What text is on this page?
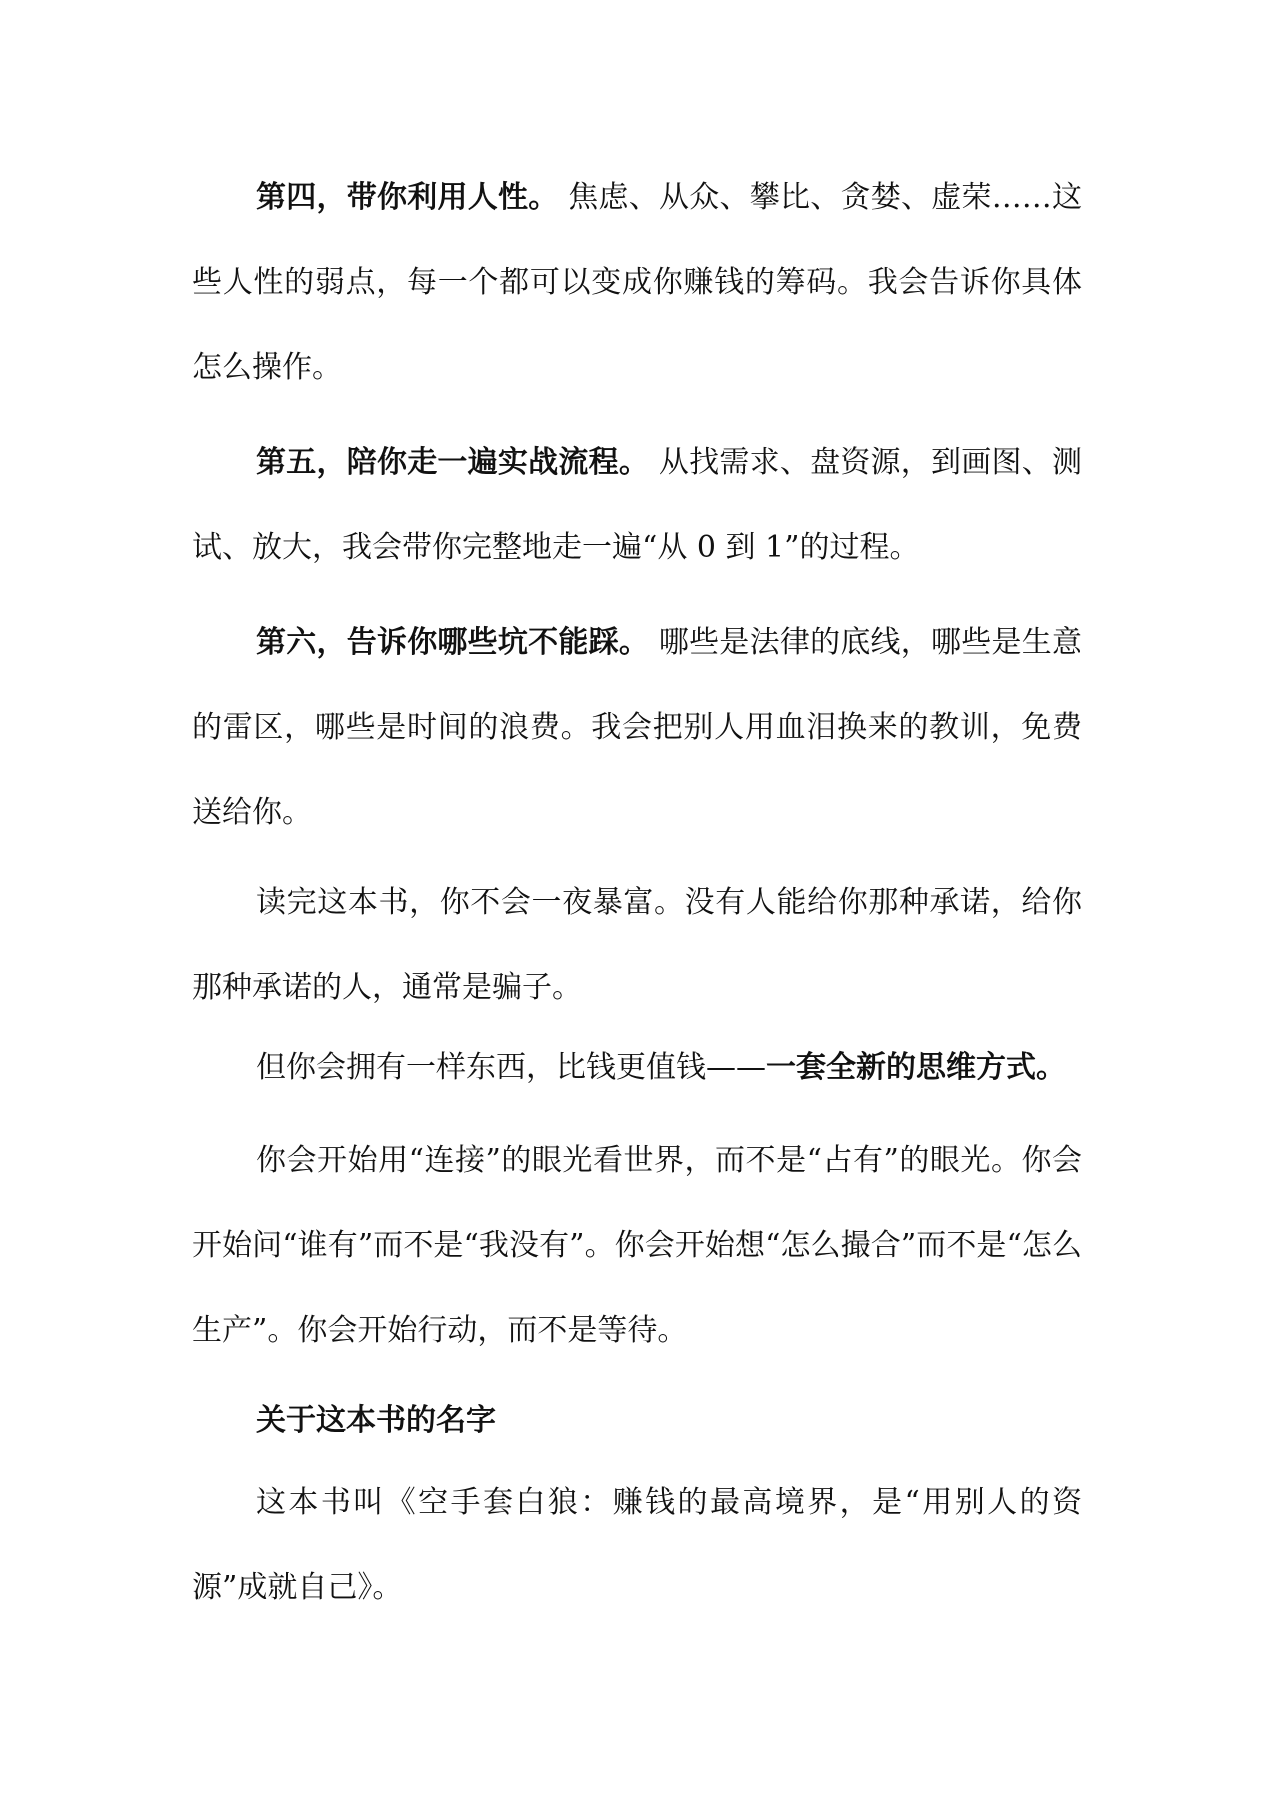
第四，带你利用人性。 焦虑、从众、攀比、贪婪、虚荣……这些人性的弱点，每一个都可以变成你赚钱的筹码。我会告诉你具体怎么操作。

第五，陪你走一遍实战流程。 从找需求、盘资源，到画图、测试、放大，我会带你完整地走一遍“从 0 到 1”的过程。

第六，告诉你哪些坑不能踩。 哪些是法律的底线，哪些是生意的雷区，哪些是时间的浪费。我会把别人用血泪换来的教训，免费送给你。

读完这本书，你不会一夜暴富。没有人能给你那种承诺，给你那种承诺的人，通常是骗子。

但你会拥有一样东西，比钱更值钱——一套全新的思维方式。

你会开始用“连接”的眼光看世界，而不是“占有”的眼光。你会开始问“谁有”而不是“我没有”。你会开始想“怎么撮合”而不是“怎么生产”。你会开始行动，而不是等待。

关于这本书的名字

这本书叫《空手套白狼：赚钱的最高境界，是“用别人的资源”成就自己》。
